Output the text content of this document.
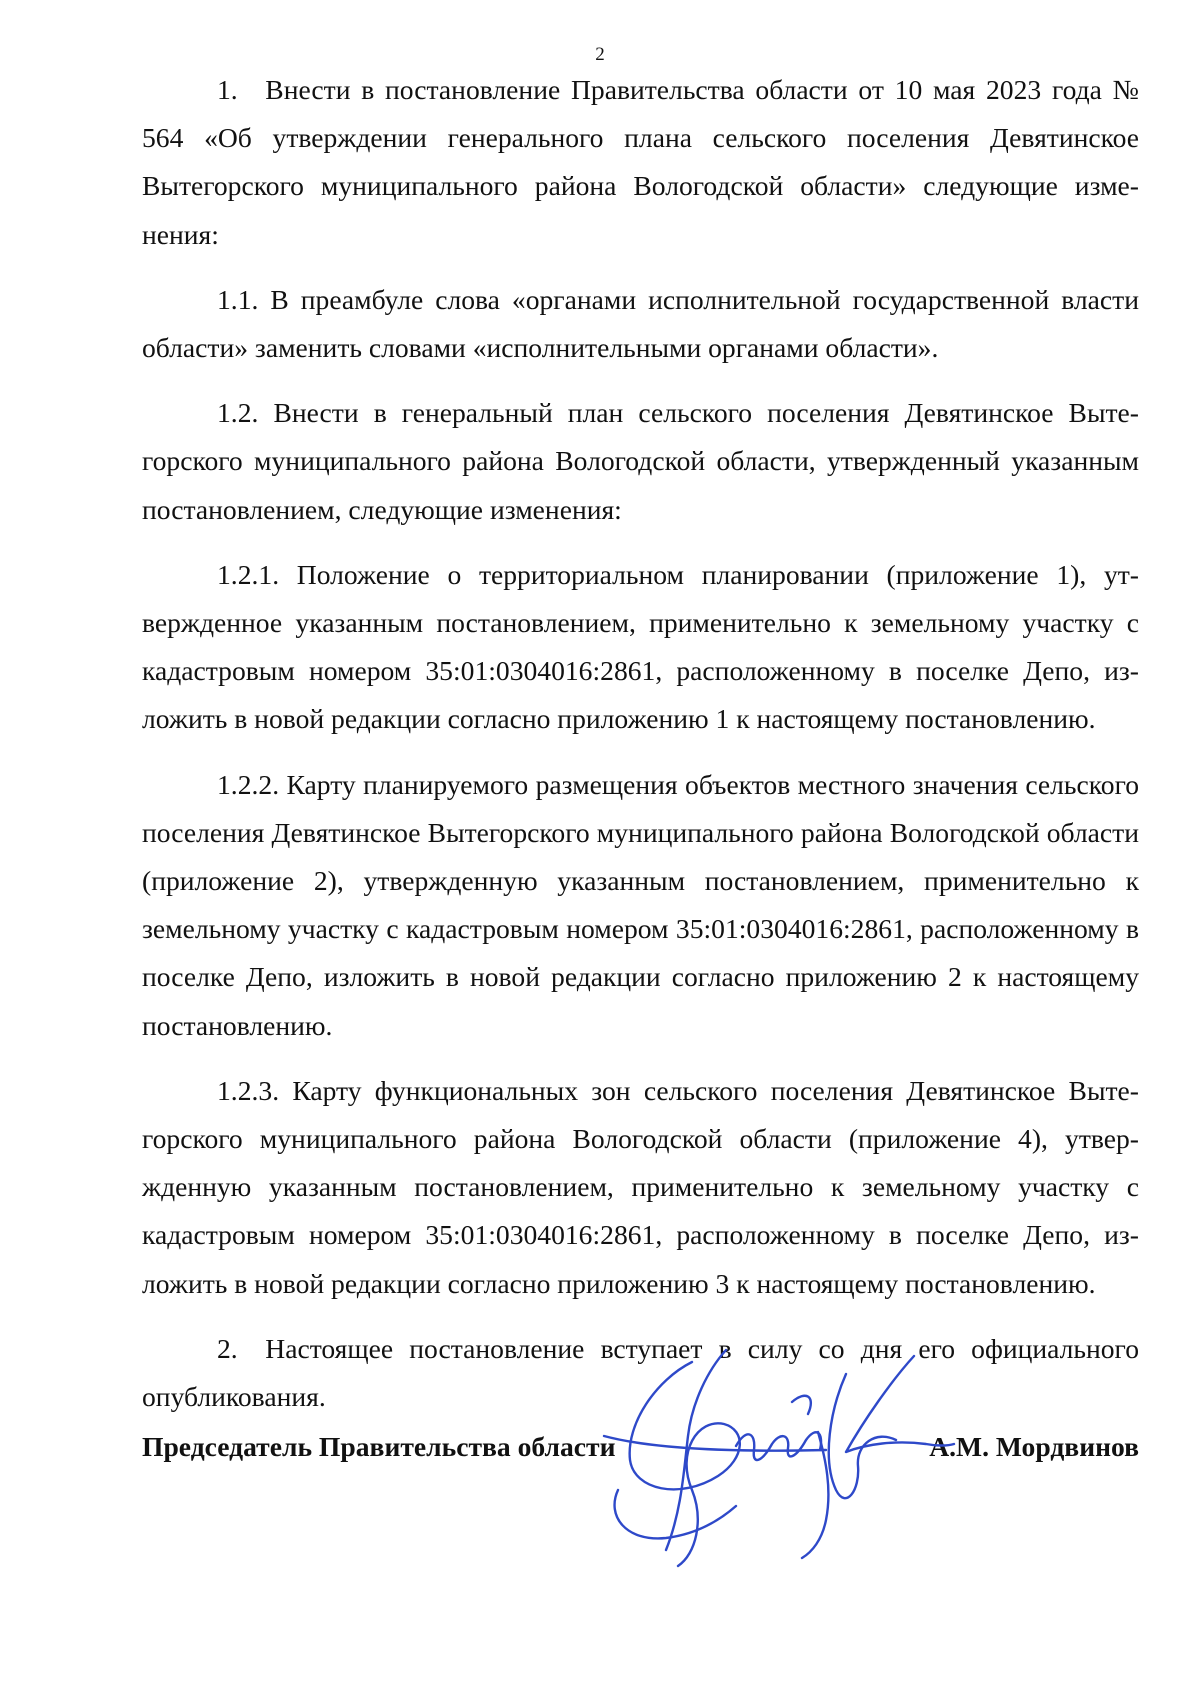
2

1. Внести в постановление Правительства области от 10 мая 2023 года № 564 «Об утверждении генерального плана сельского поселения Девятинское Вытегорского муниципального района Вологодской области» следующие изменения:

1.1. В преамбуле слова «органами исполнительной государственной власти области» заменить словами «исполнительными органами области».

1.2. Внести в генеральный план сельского поселения Девятинское Вытегорского муниципального района Вологодской области, утвержденный указанным постановлением, следующие изменения:

1.2.1. Положение о территориальном планировании (приложение 1), утвержденное указанным постановлением, применительно к земельному участку с кадастровым номером 35:01:0304016:2861, расположенному в поселке Депо, изложить в новой редакции согласно приложению 1 к настоящему постановлению.

1.2.2. Карту планируемого размещения объектов местного значения сельского поселения Девятинское Вытегорского муниципального района Вологодской области (приложение 2), утвержденную указанным постановлением, применительно к земельному участку с кадастровым номером 35:01:0304016:2861, расположенному в поселке Депо, изложить в новой редакции согласно приложению 2 к настоящему постановлению.

1.2.3. Карту функциональных зон сельского поселения Девятинское Вытегорского муниципального района Вологодской области (приложение 4), утвержденную указанным постановлением, применительно к земельному участку с кадастровым номером 35:01:0304016:2861, расположенному в поселке Депо, изложить в новой редакции согласно приложению 3 к настоящему постановлению.

2. Настоящее постановление вступает в силу со дня его официального опубликования.

Председатель Правительства области	А.М. Мордвинов
